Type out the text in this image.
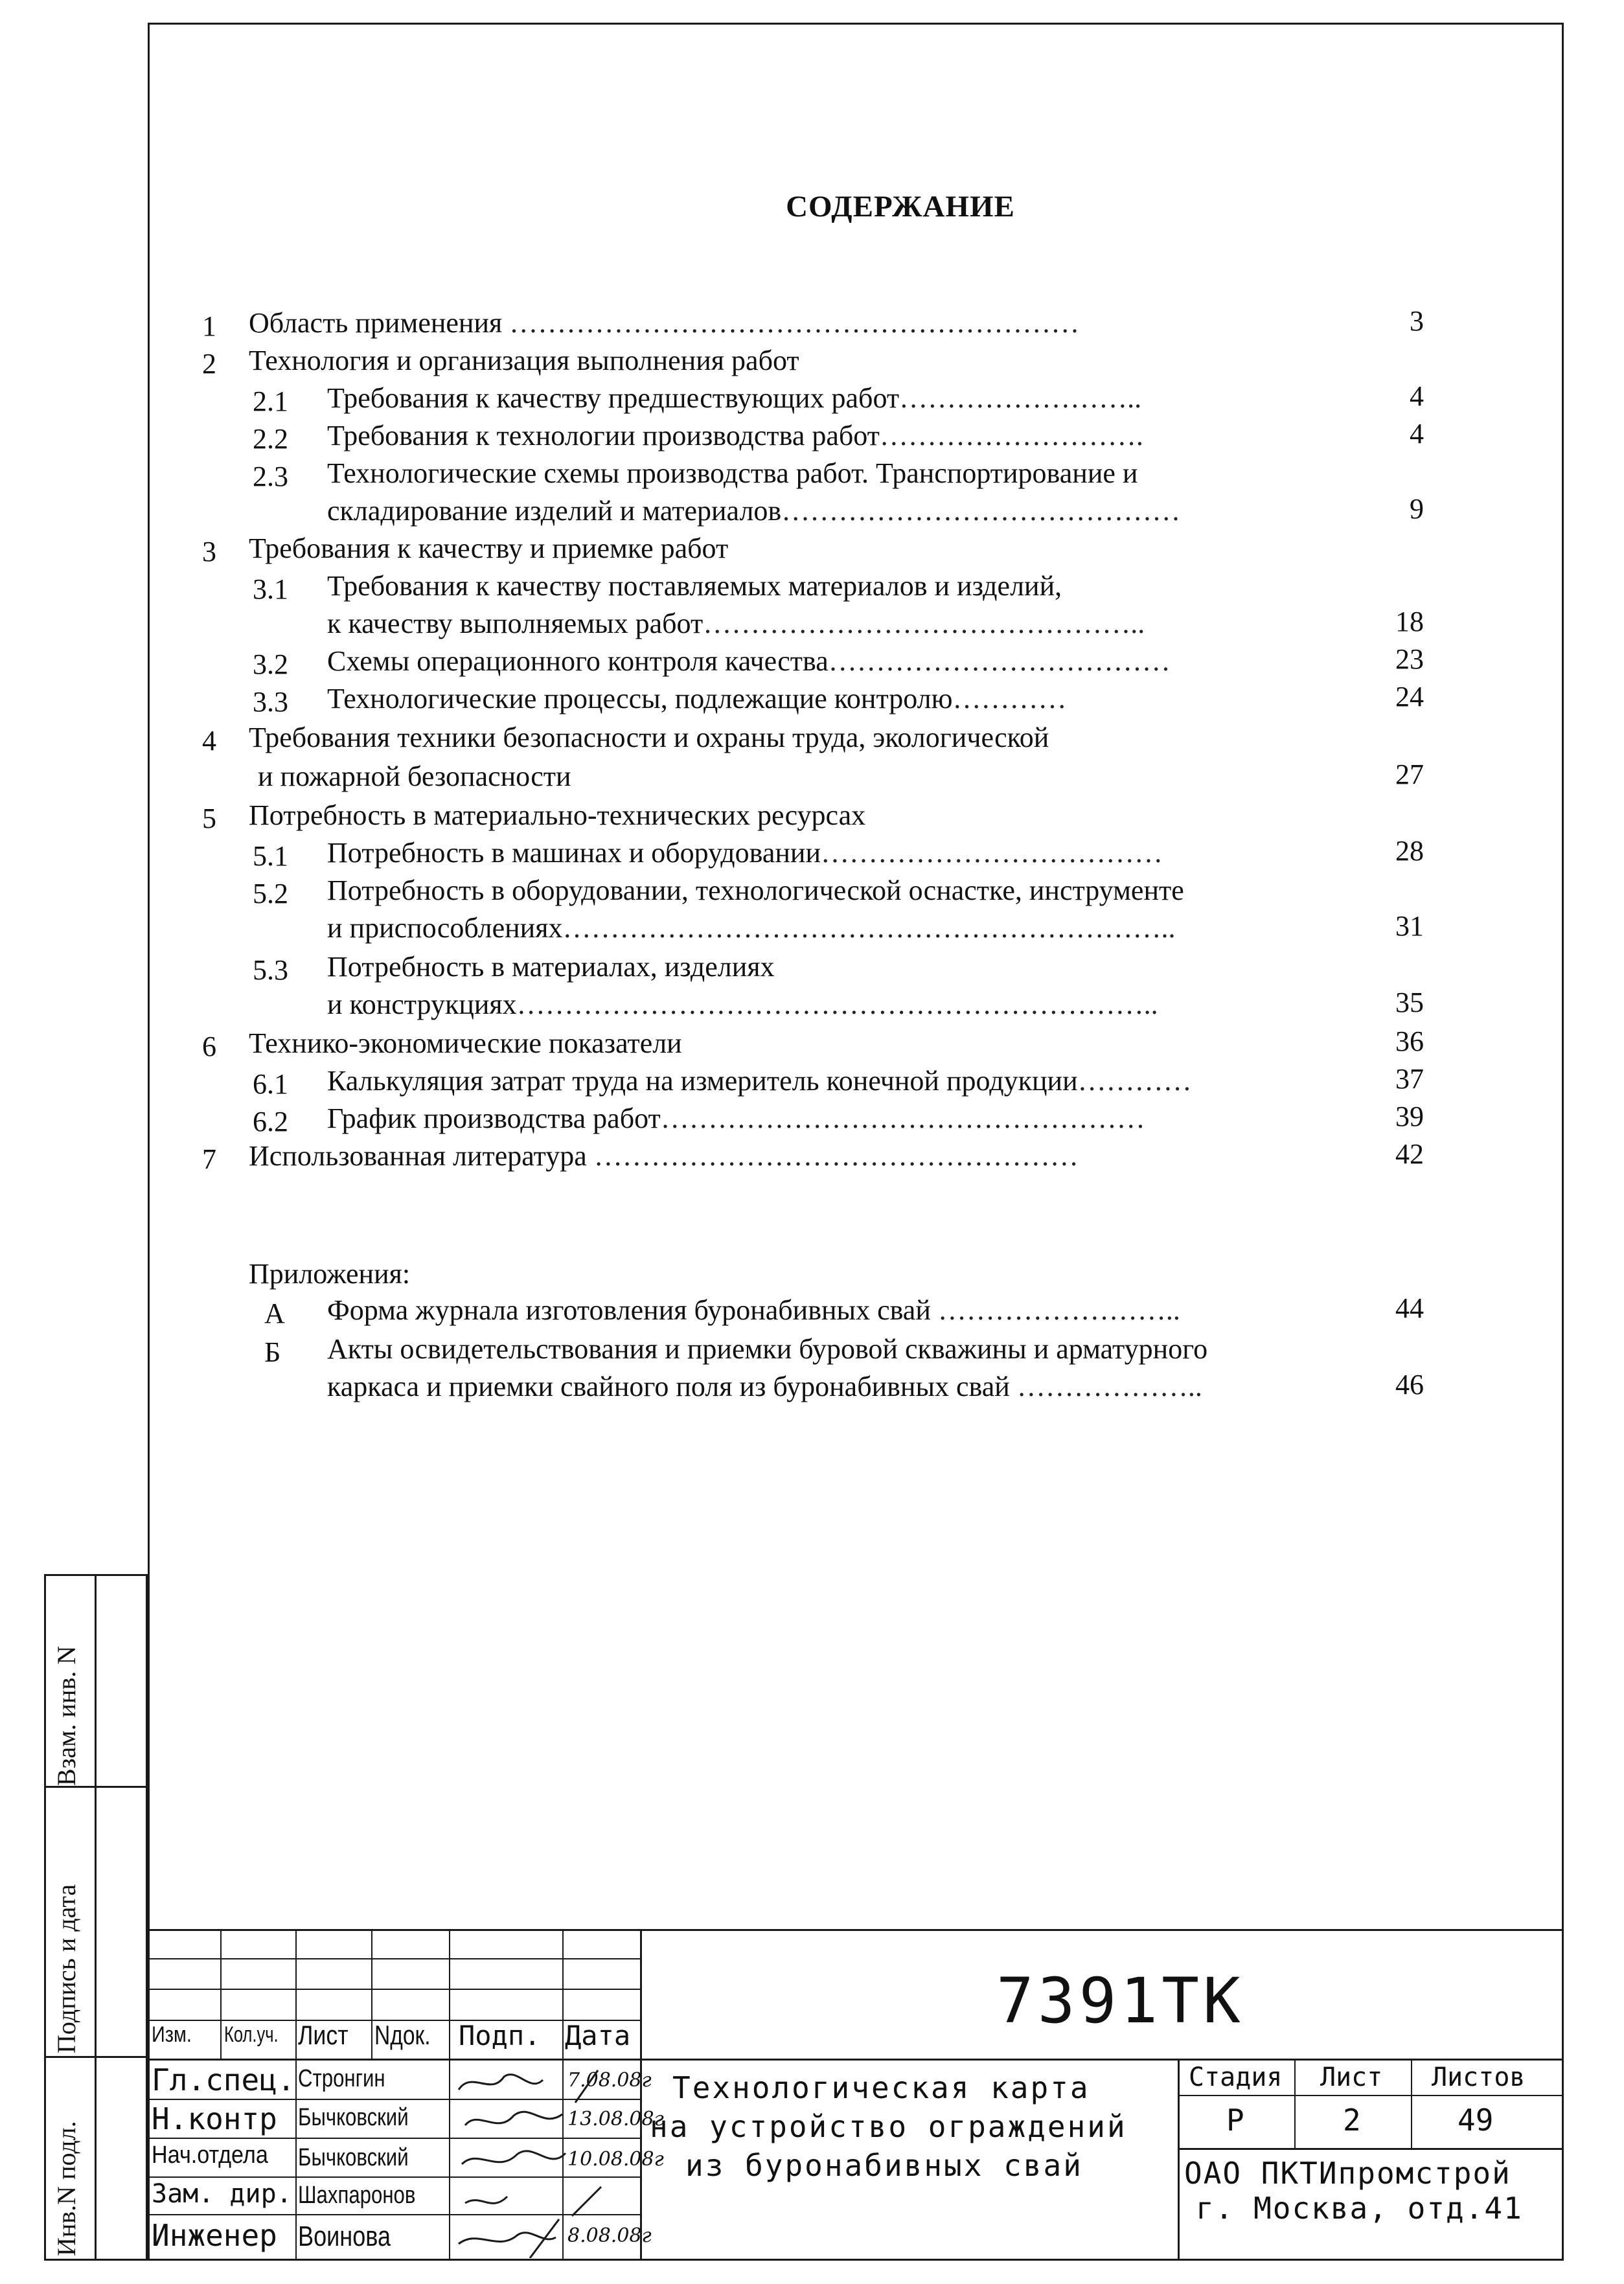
СОДЕРЖАНИЕ
1 Область применения ……………………………………………………	3
2 Технология и организация выполнения работ
2.1 Требования к качеству предшествующих работ……………………..	4
2.2 Требования к технологии производства работ……………………….	4
2.3 Технологические схемы производства работ. Транспортирование и
складирование изделий и материалов……………………………………	9
3 Требования к качеству и приемке работ
3.1 Требования к качеству поставляемых материалов и изделий,
к качеству выполняемых работ………………………………………..	18
3.2 Схемы операционного контроля качества………………………………	23
3.3 Технологические процессы, подлежащие контролю…………	24
4 Требования техники безопасности и охраны труда, экологической
и пожарной безопасности	27
5 Потребность в материально-технических ресурсах
5.1 Потребность в машинах и оборудовании………………………………	28
5.2 Потребность в оборудовании, технологической оснастке, инструменте
и приспособлениях………………………………………………………..	31
5.3 Потребность в материалах, изделиях
и конструкциях…………………………………………………………..	35
6 Технико-экономические показатели	36
6.1 Калькуляция затрат труда на измеритель конечной продукции…………	37
6.2 График производства работ……………………………………………	39
7 Использованная литература ……………………………………………	42
Приложения:
А Форма журнала изготовления буронабивных свай ……………………..	44
Б Акты освидетельствования и приемки буровой скважины и арматурного
каркаса и приемки свайного поля из буронабивных свай ………………..	46
Взам. инв. N
Подпись и дата
Инв.N подл.
Изм. Кол.уч. Лист Nдок. Подп. Дата	7391ТК
Гл.спец. Стронгин	7.08.08г
Н.контр Бычковский	13.08.08г
Нач.отдела Бычковский	10.08.08г
Зам. дир. Шахпаронов
Инженер Воинова	8.08.08г
Технологическая карта
на устройство ограждений
из буронабивных свай
Стадия Лист Листов
Р	2	49
ОАО ПКТИпромстрой
г. Москва, отд.41
